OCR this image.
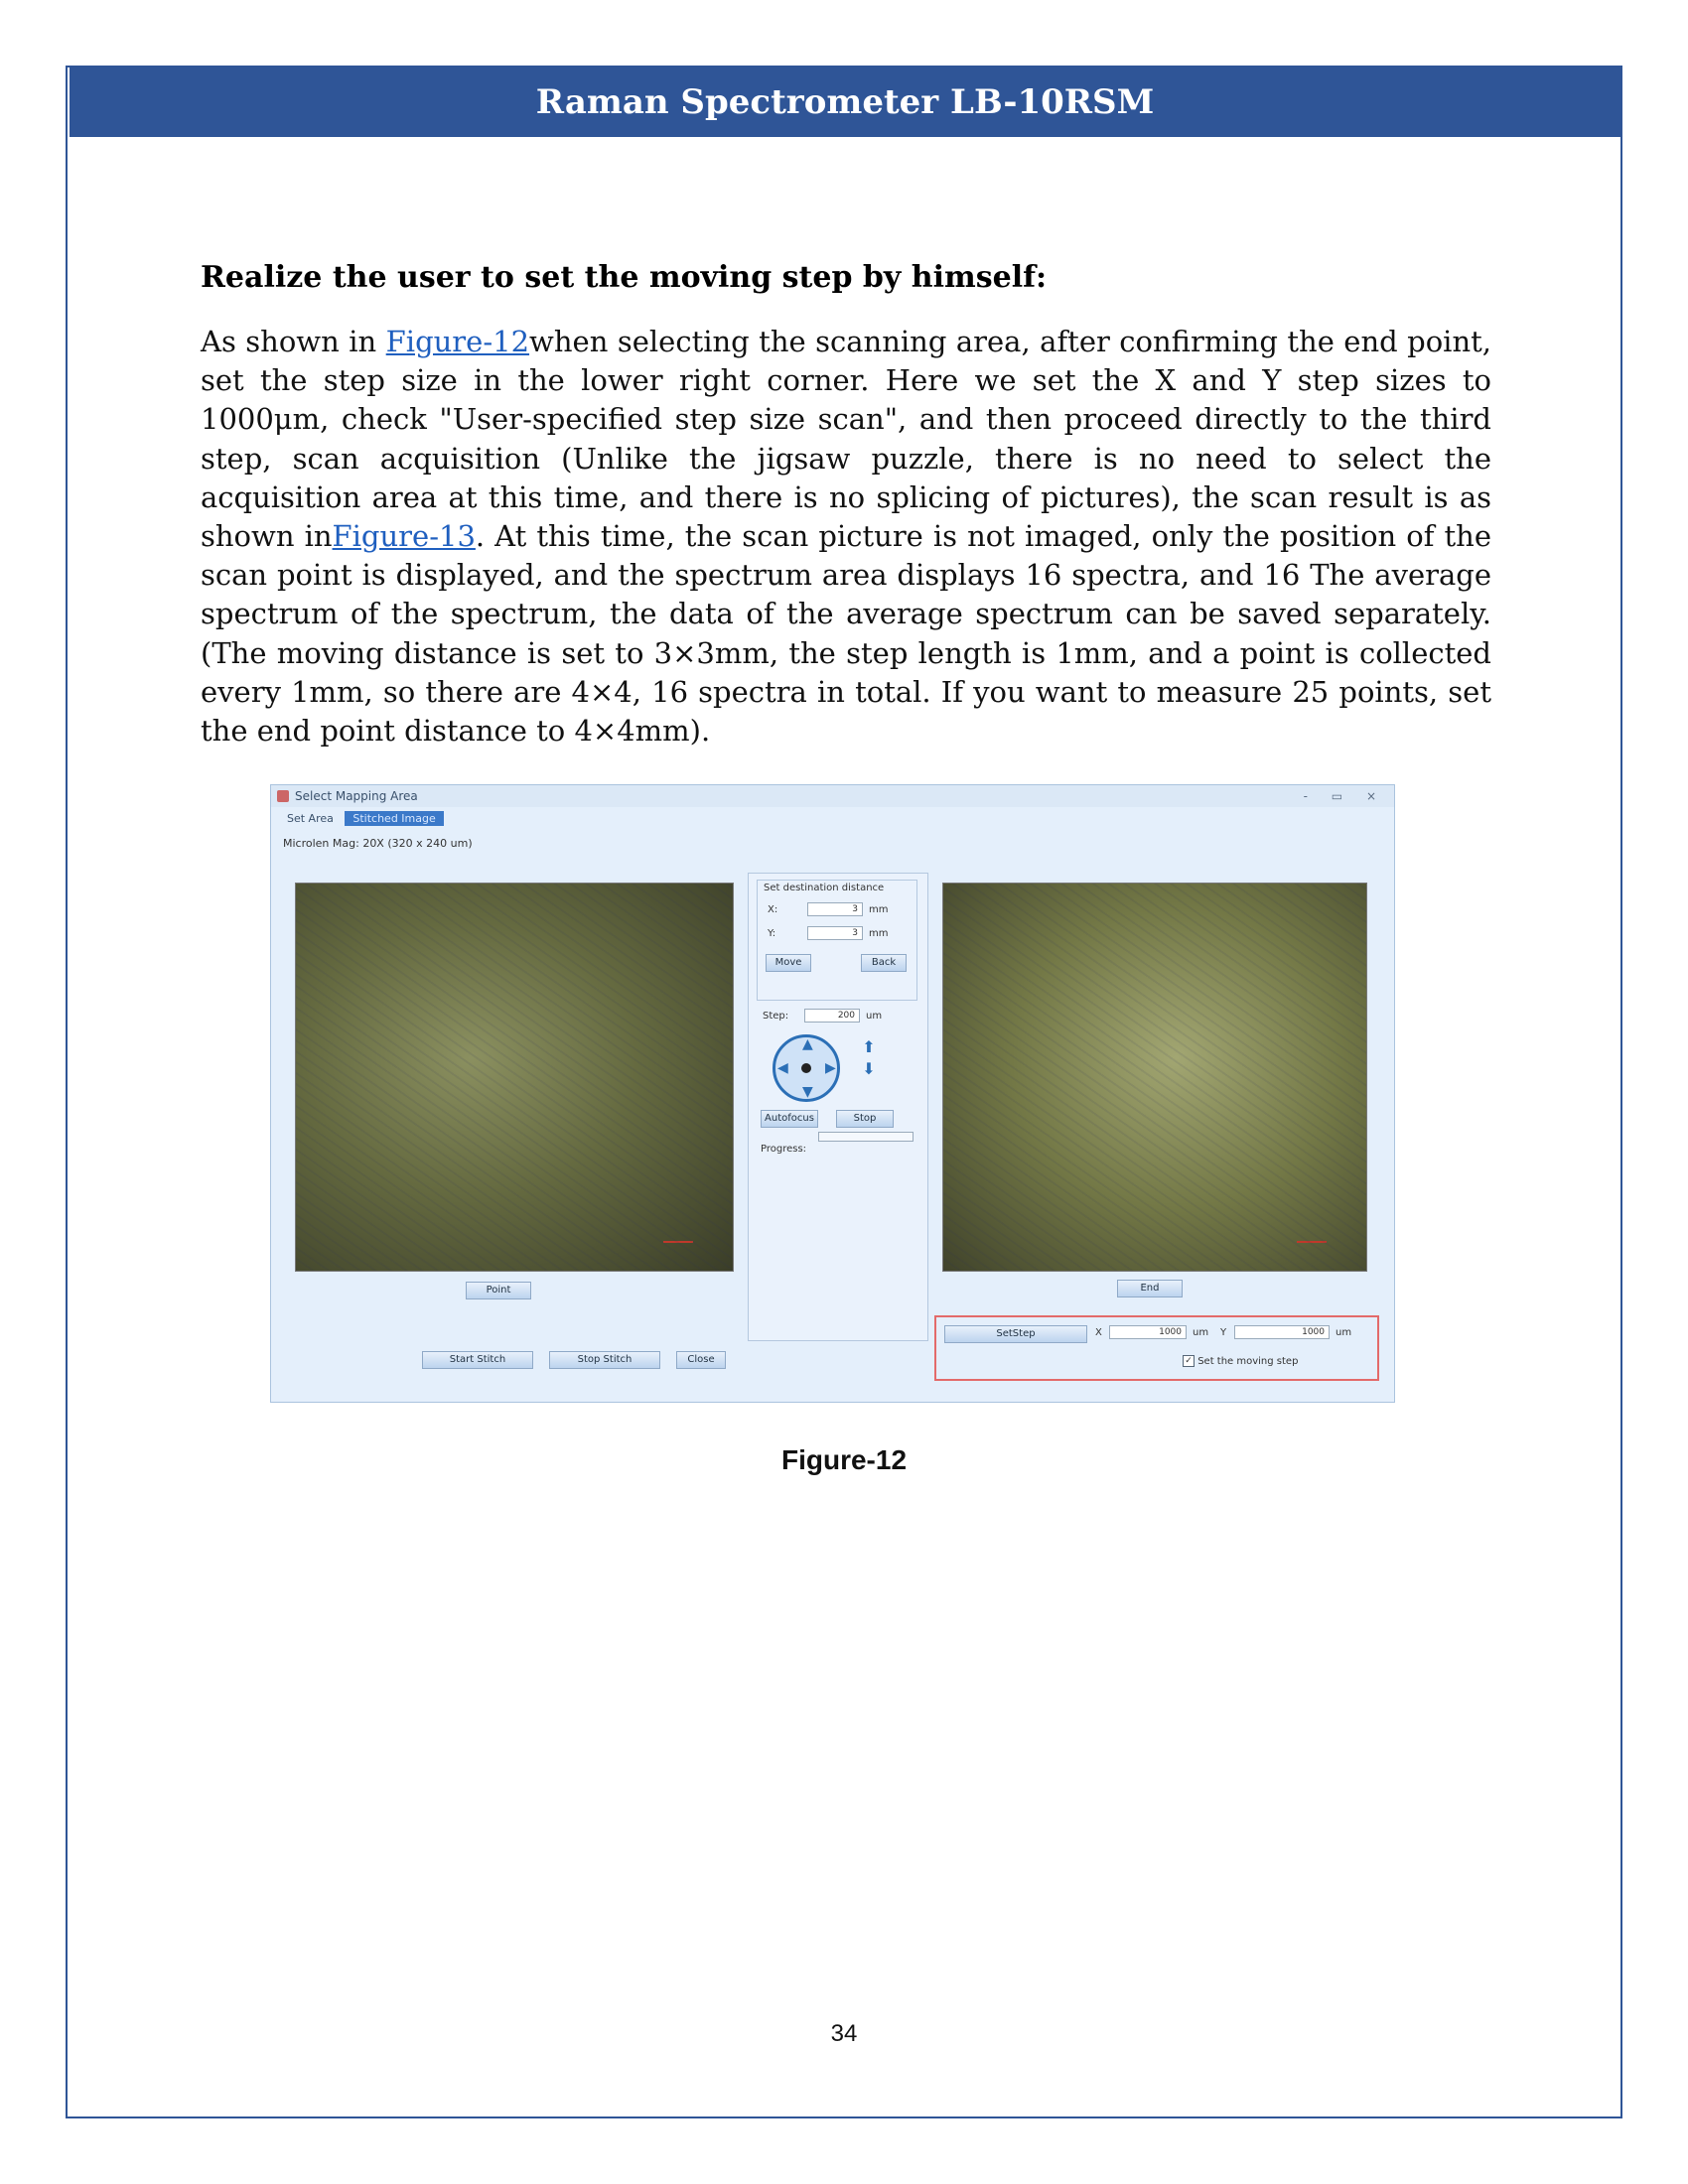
Raman Spectrometer LB-10RSM
Realize the user to set the moving step by himself:

As shown in Figure-12when selecting the scanning area, after confirming the end point, set the step size in the lower right corner. Here we set the X and Y step sizes to 1000μm, check "User-specified step size scan", and then proceed directly to the third step, scan acquisition (Unlike the jigsaw puzzle, there is no need to select the acquisition area at this time, and there is no splicing of pictures), the scan result is as shown inFigure-13. At this time, the scan picture is not imaged, only the position of the scan point is displayed, and the spectrum area displays 16 spectra, and 16 The average spectrum of the spectrum, the data of the average spectrum can be saved separately. (The moving distance is set to 3×3mm, the step length is 1mm, and a point is collected every 1mm, so there are 4×4, 16 spectra in total. If you want to measure 25 points, set the end point distance to 4×4mm).

Select Mapping Area	- ▭ ×
Set Area Stitched Image
Microlen Mag: 20X (320 x 240 um)
Set destination distance
X:	3	mm
Y:	3	mm
Move	Back
Step:	200	um
▲
▼
◀	▶
⬆
⬇
Autofocus	Stop
Progress:
Point	End
Start Stitch	Stop Stitch	Close
SetStep	X	1000	um Y	1000	um
✓ Set the moving step
Figure-12
34
